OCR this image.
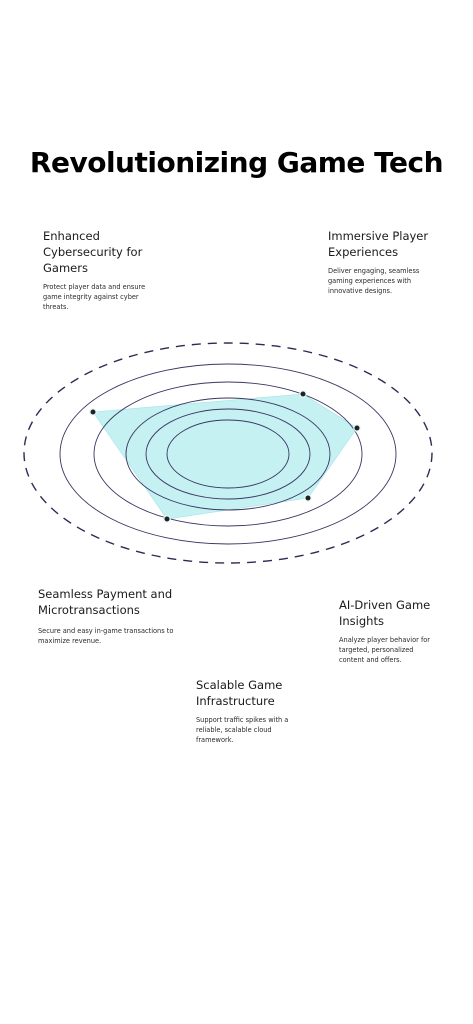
Revolutionizing Game Tech
Enhanced Cybersecurity for Gamers

Protect player data and ensure game integrity against cyber threats.

Immersive Player Experiences

Deliver engaging, seamless gaming experiences with innovative designs.

Seamless Payment and Microtransactions

Secure and easy in-game transactions to maximize revenue.

AI-Driven Game Insights

Analyze player behavior for targeted, personalized content and offers.

Scalable Game Infrastructure

Support traffic spikes with a reliable, scalable cloud framework.
